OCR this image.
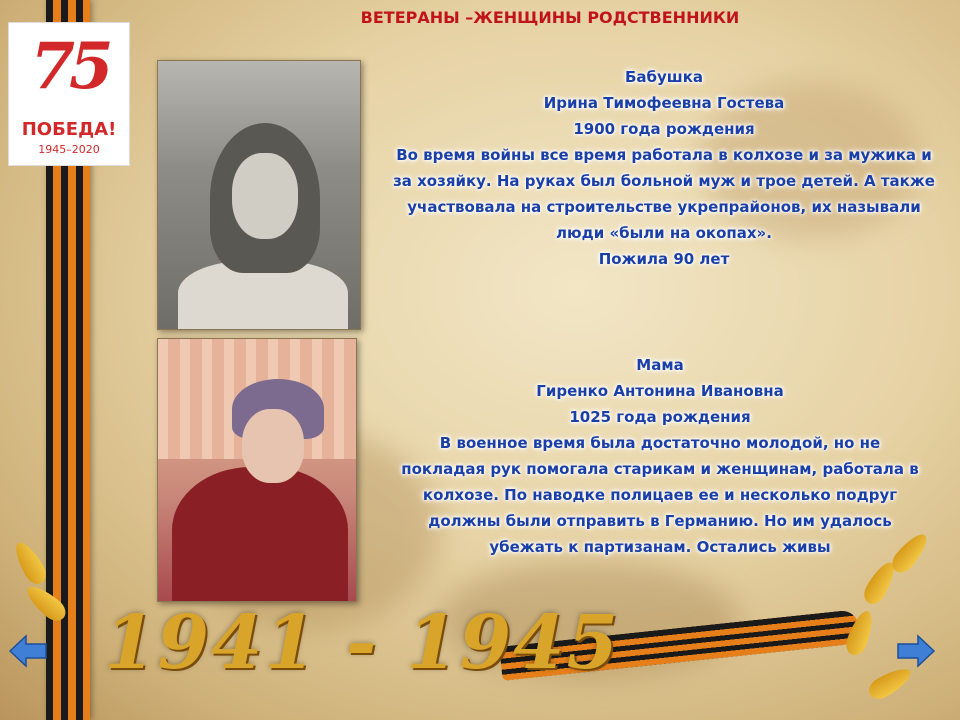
75
ПОБЕДА!
1945–2020
ВЕТЕРАНЫ –ЖЕНЩИНЫ РОДСТВЕННИКИ
Бабушка
Ирина Тимофеевна Гостева
1900 года рождения
Во время войны все время работала в колхозе и за мужика и за хозяйку. На руках был больной муж и трое детей. А также участвовала на строительстве укрепрайонов, их называли люди «были на окопах».
Пожила 90 лет
Мама
Гиренко Антонина Ивановна
1025 года рождения
В военное время была достаточно молодой, но не покладая рук помогала старикам и женщинам, работала в колхозе. По наводке полицаев ее и несколько подруг должны были отправить в Германию. Но им удалось убежать к партизанам. Остались живы
1941 - 1945
